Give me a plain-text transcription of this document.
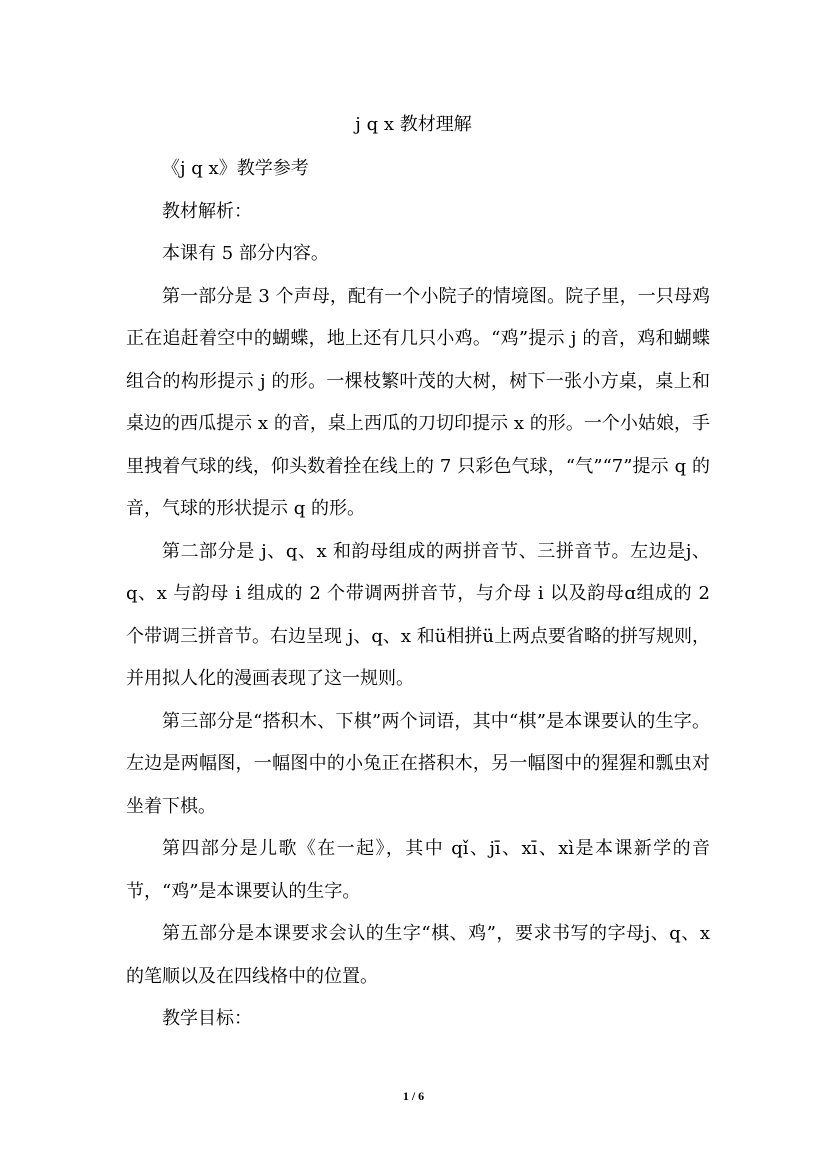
j q x 教材理解

《j q x》教学参考

教材解析：

本课有 5 部分内容。

第一部分是 3 个声母，配有一个小院子的情境图。院子里，一只母鸡正在追赶着空中的蝴蝶，地上还有几只小鸡。“鸡”提示 j 的音，鸡和蝴蝶组合的构形提示 j 的形。一棵枝繁叶茂的大树，树下一张小方桌，桌上和桌边的西瓜提示 x 的音，桌上西瓜的刀切印提示 x 的形。一个小姑娘，手里拽着气球的线，仰头数着拴在线上的 7 只彩色气球，“气”“7”提示 q 的音，气球的形状提示 q 的形。

第二部分是 j、q、x 和韵母组成的两拼音节、三拼音节。左边是j、q、x 与韵母 i 组成的 2 个带调两拼音节，与介母 i 以及韵母ɑ组成的 2 个带调三拼音节。右边呈现 j、q、x 和ü相拼ü上两点要省略的拼写规则，并用拟人化的漫画表现了这一规则。

第三部分是“搭积木、下棋”两个词语，其中“棋”是本课要认的生字。左边是两幅图，一幅图中的小兔正在搭积木，另一幅图中的猩猩和瓢虫对坐着下棋。

第四部分是儿歌《在一起》，其中 qǐ、jī、xī、xì是本课新学的音节，“鸡”是本课要认的生字。

第五部分是本课要求会认的生字“棋、鸡”，要求书写的字母j、q、x 的笔顺以及在四线格中的位置。

教学目标：

1 / 6
